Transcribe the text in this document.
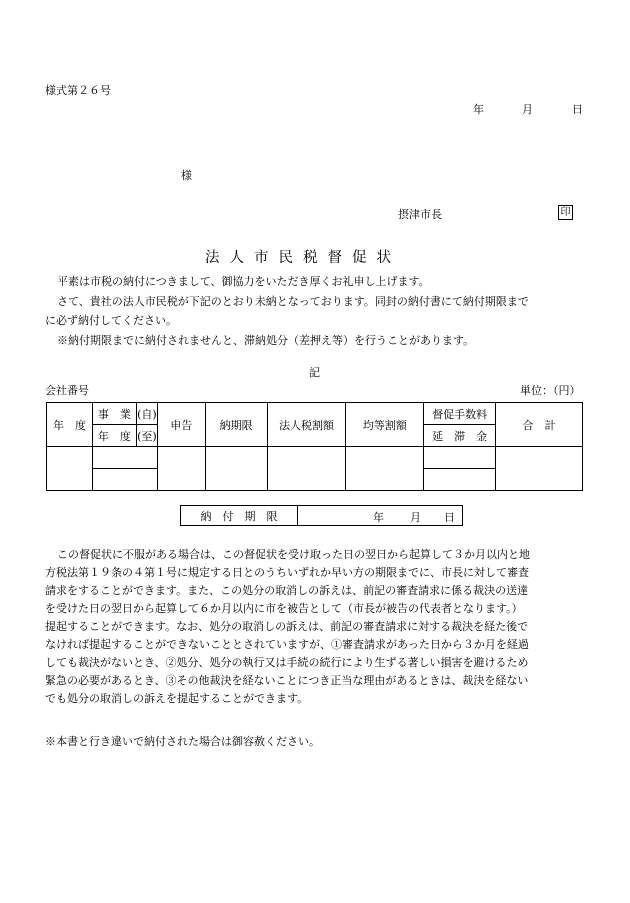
様式第２６号
年	月	日
様
摂津市長	印
法人市民税督促状

平素は市税の納付につきまして、御協力をいただき厚くお礼申し上げます。

さて、貴社の法人市民税が下記のとおり未納となっております。同封の納付書にて納付期限まで

に必ず納付してください。

※納付期限までに納付されませんと、滞納処分（差押え等）を行うことがあります。

記
会社番号	単位：（円）
年　度	事　業	(自)	申告	納期限	法人税割額	均等割額	督促手数料	合　計
	年　度	(至)					延　滞　金	

納　付　期　限	年 月 日

この督促状に不服がある場合は、この督促状を受け取った日の翌日から起算して３か月以内と地

方税法第１９条の４第１号に規定する日とのうちいずれか早い方の期限までに、市長に対して審査

請求をすることができます。また、この処分の取消しの訴えは、前記の審査請求に係る裁決の送達

を受けた日の翌日から起算して６か月以内に市を被告として（市長が被告の代表者となります。）

提起することができます。なお、処分の取消しの訴えは、前記の審査請求に対する裁決を経た後で

なければ提起することができないこととされていますが、①審査請求があった日から３か月を経過

しても裁決がないとき、②処分、処分の執行又は手続の続行により生ずる著しい損害を避けるため

緊急の必要があるとき、③その他裁決を経ないことにつき正当な理由があるときは、裁決を経ない

でも処分の取消しの訴えを提起することができます。

※本書と行き違いで納付された場合は御容赦ください。
